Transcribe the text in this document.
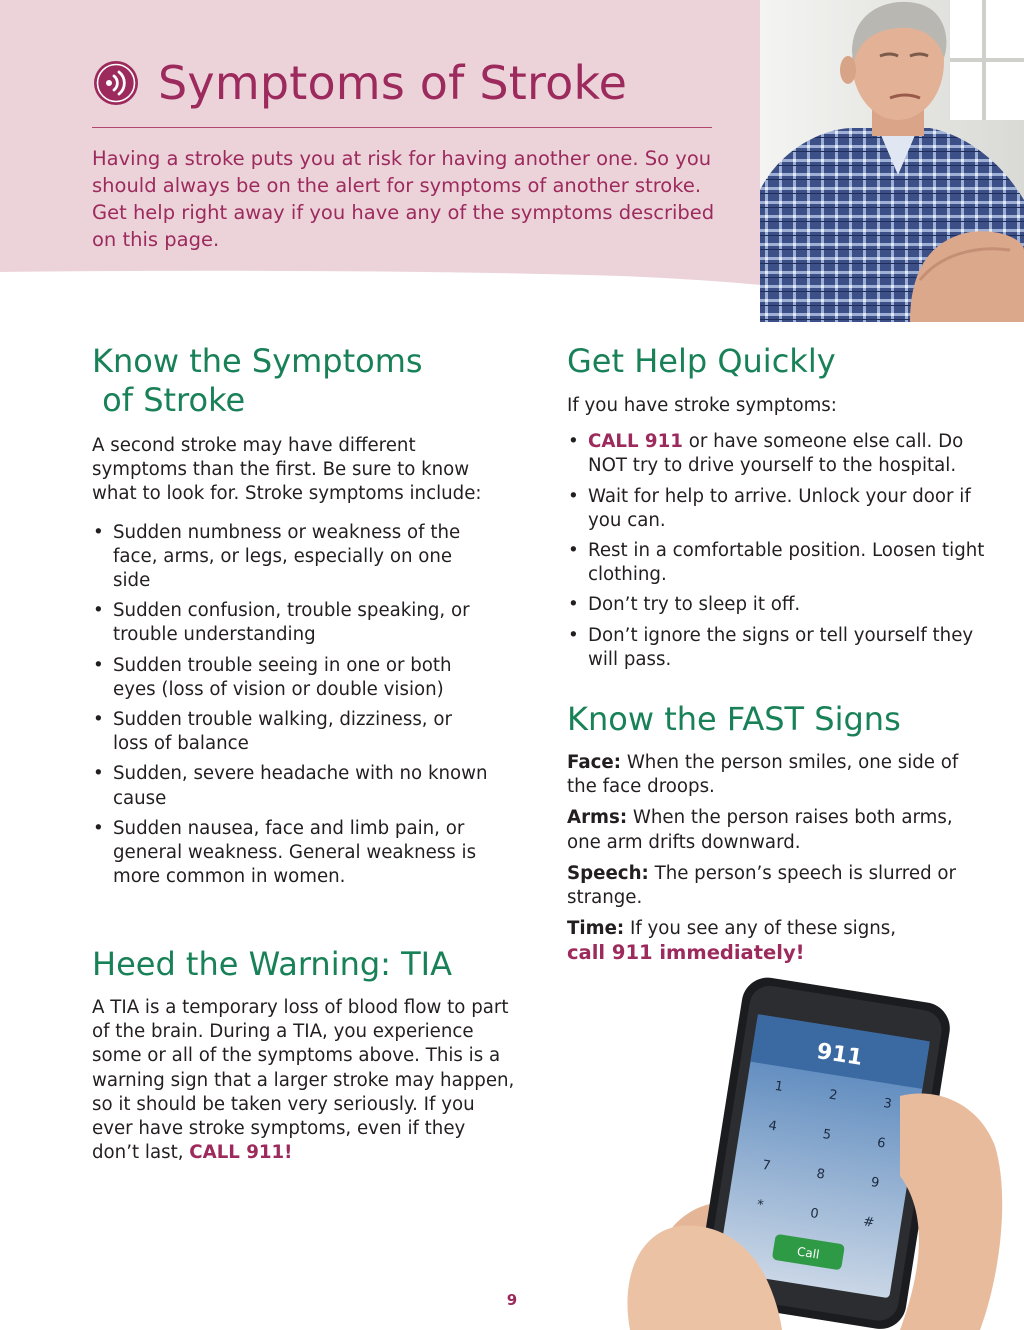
Symptoms of Stroke
Having a stroke puts you at risk for having another one. So you should always be on the alert for symptoms of another stroke. Get help right away if you have any of the symptoms described on this page.
Know the Symptoms
of Stroke
A second stroke may have different symptoms than the first. Be sure to know what to look for. Stroke symptoms include:
• Sudden numbness or weakness of the face, arms, or legs, especially on one side
• Sudden confusion, trouble speaking, or trouble understanding
• Sudden trouble seeing in one or both eyes (loss of vision or double vision)
• Sudden trouble walking, dizziness, or loss of balance
• Sudden, severe headache with no known cause
• Sudden nausea, face and limb pain, or general weakness. General weakness is more common in women.
Heed the Warning: TIA
A TIA is a temporary loss of blood flow to part of the brain. During a TIA, you experience some or all of the symptoms above. This is a warning sign that a larger stroke may happen, so it should be taken very seriously. If you ever have stroke symptoms, even if they don’t last, CALL 911!
Get Help Quickly
If you have stroke symptoms:
• CALL 911 or have someone else call. Do NOT try to drive yourself to the hospital.
• Wait for help to arrive. Unlock your door if you can.
• Rest in a comfortable position. Loosen tight clothing.
• Don’t try to sleep it off.
• Don’t ignore the signs or tell yourself they will pass.
Know the FAST Signs
Face: When the person smiles, one side of the face droops.
Arms: When the person raises both arms, one arm drifts downward.
Speech: The person’s speech is slurred or strange.
Time: If you see any of these signs,
call 911 immediately!
911
1
2
3
4
5
6
7
8
9
*
0
#
Call
9
